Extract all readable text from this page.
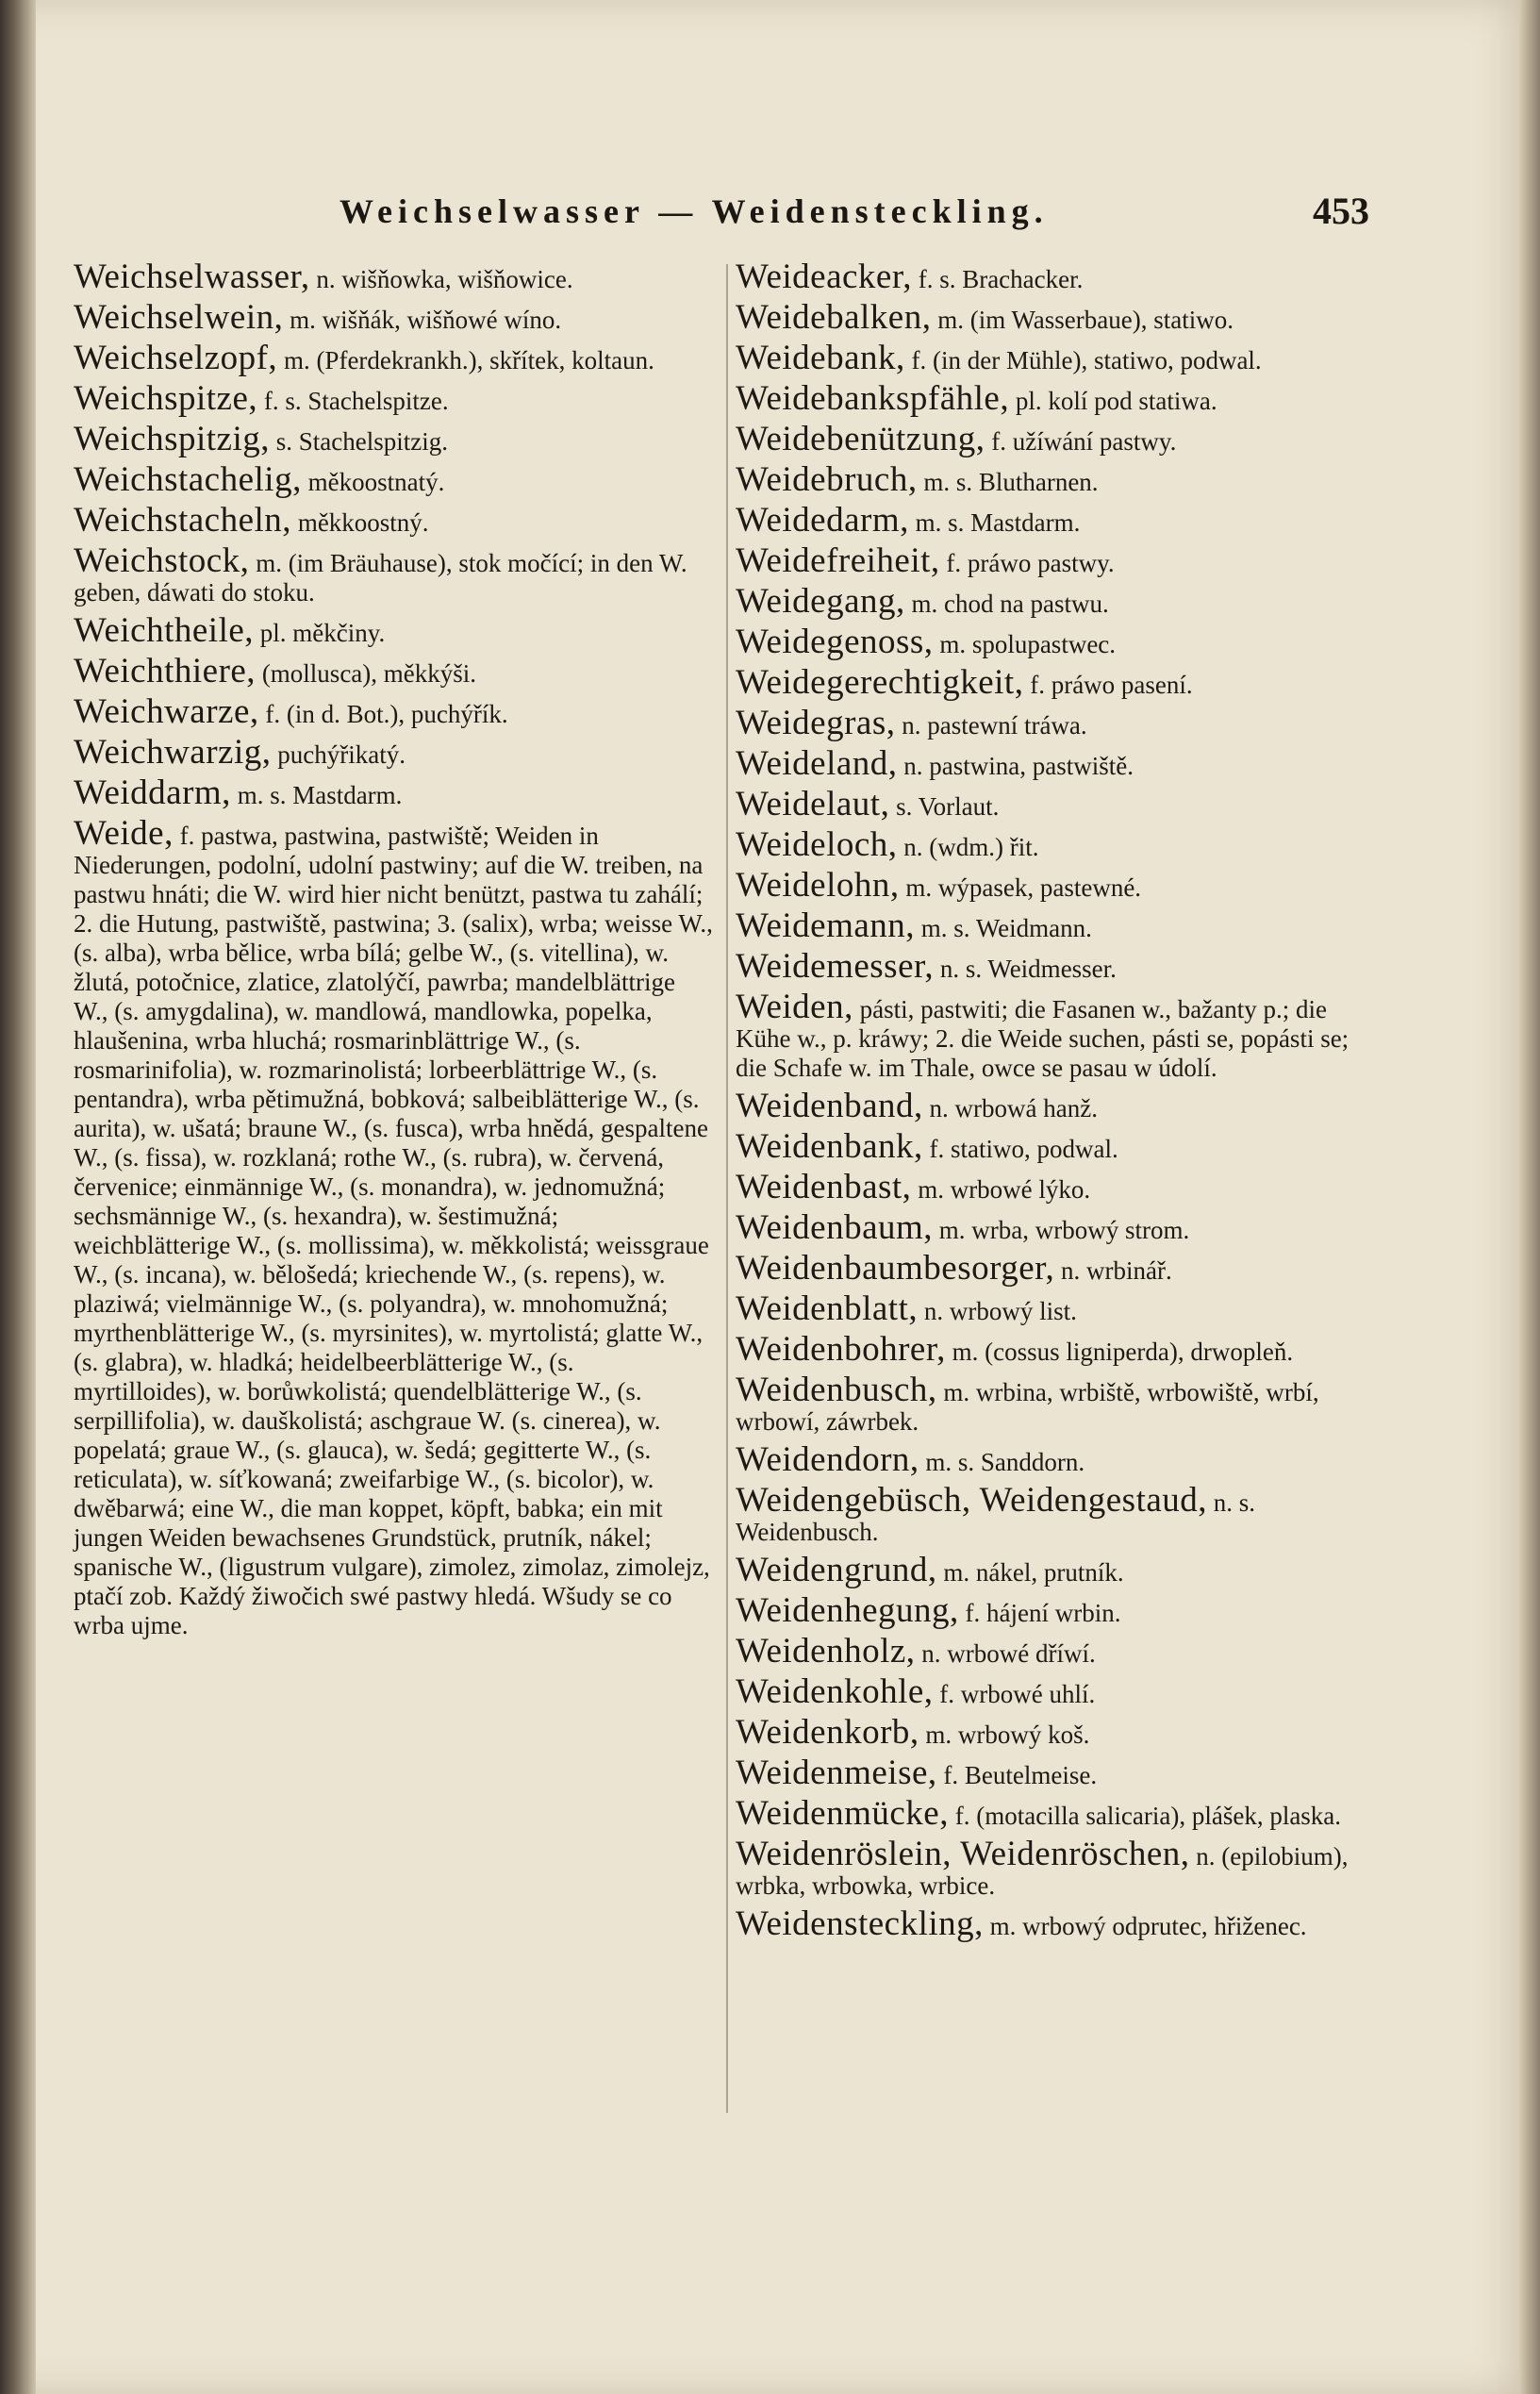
Weichselwasser — Weidensteckling.	453
Weichselwasser, n. wišňowka, wišňowice.
Weichselwein, m. wišňák, wišňowé wíno.
Weichselzopf, m. (Pferdekrankh.), skřítek, koltaun.
Weichspitze, f. s. Stachelspitze.
Weichspitzig, s. Stachelspitzig.
Weichstachelig, měkoostnatý.
Weichstacheln, měkkoostný.
Weichstock, m. (im Bräuhause), stok močící; in den W. geben, dáwati do stoku.
Weichtheile, pl. měkčiny.
Weichthiere, (mollusca), měkkýši.
Weichwarze, f. (in d. Bot.), puchýřík.
Weichwarzig, puchýřikatý.
Weiddarm, m. s. Mastdarm.
Weide, f. pastwa, pastwina, pastwiště; Weiden in Niederungen, podolní, udolní pastwiny; auf die W. treiben, na pastwu hnáti; die W. wird hier nicht benützt, pastwa tu zahálí; 2. die Hutung, pastwiště, pastwina; 3. (salix), wrba; weisse W., (s. alba), wrba bělice, wrba bílá; gelbe W., (s. vitellina), w. žlutá, potočnice, zlatice, zlatolýčí, pawrba; mandelblättrige W., (s. amygdalina), w. mandlowá, mandlowka, popelka, hlaušenina, wrba hluchá; rosmarinblättrige W., (s. rosmarinifolia), w. rozmarinolistá; lorbeerblättrige W., (s. pentandra), wrba pětimužná, bobková; salbeiblätterige W., (s. aurita), w. ušatá; braune W., (s. fusca), wrba hnědá, gespaltene W., (s. fissa), w. rozklaná; rothe W., (s. rubra), w. červená, červenice; einmännige W., (s. monandra), w. jednomužná; sechsmännige W., (s. hexandra), w. šestimužná; weichblätterige W., (s. mollissima), w. měkkolistá; weissgraue W., (s. incana), w. bělošedá; kriechende W., (s. repens), w. plaziwá; vielmännige W., (s. polyandra), w. mnohomužná; myrthenblätterige W., (s. myrsinites), w. myrtolistá; glatte W., (s. glabra), w. hladká; heidelbeerblätterige W., (s. myrtilloides), w. borůwkolistá; quendelblätterige W., (s. serpillifolia), w. dauškolistá; aschgraue W. (s. cinerea), w. popelatá; graue W., (s. glauca), w. šedá; gegitterte W., (s. reticulata), w. síťkowaná; zweifarbige W., (s. bicolor), w. dwěbarwá; eine W., die man koppet, köpft, babka; ein mit jungen Weiden bewachsenes Grundstück, prutník, nákel; spanische W., (ligustrum vulgare), zimolez, zimolaz, zimolejz, ptačí zob. Každý žiwočich swé pastwy hledá. Wšudy se co wrba ujme.
Weideacker, f. s. Brachacker.
Weidebalken, m. (im Wasserbaue), statiwo.
Weidebank, f. (in der Mühle), statiwo, podwal.
Weidebankspfähle, pl. kolí pod statiwa.
Weidebenützung, f. užíwání pastwy.
Weidebruch, m. s. Blutharnen.
Weidedarm, m. s. Mastdarm.
Weidefreiheit, f. práwo pastwy.
Weidegang, m. chod na pastwu.
Weidegenoss, m. spolupastwec.
Weidegerechtigkeit, f. práwo pasení.
Weidegras, n. pastewní tráwa.
Weideland, n. pastwina, pastwiště.
Weidelaut, s. Vorlaut.
Weideloch, n. (wdm.) řit.
Weidelohn, m. wýpasek, pastewné.
Weidemann, m. s. Weidmann.
Weidemesser, n. s. Weidmesser.
Weiden, pásti, pastwiti; die Fasanen w., bažanty p.; die Kühe w., p. kráwy; 2. die Weide suchen, pásti se, popásti se; die Schafe w. im Thale, owce se pasau w údolí.
Weidenband, n. wrbowá hanž.
Weidenbank, f. statiwo, podwal.
Weidenbast, m. wrbowé lýko.
Weidenbaum, m. wrba, wrbowý strom.
Weidenbaumbesorger, n. wrbinář.
Weidenblatt, n. wrbowý list.
Weidenbohrer, m. (cossus ligniperda), drwopleň.
Weidenbusch, m. wrbina, wrbiště, wrbowiště, wrbí, wrbowí, záwrbek.
Weidendorn, m. s. Sanddorn.
Weidengebüsch, Weidengestaud, n. s. Weidenbusch.
Weidengrund, m. nákel, prutník.
Weidenhegung, f. hájení wrbin.
Weidenholz, n. wrbowé dříwí.
Weidenkohle, f. wrbowé uhlí.
Weidenkorb, m. wrbowý koš.
Weidenmeise, f. Beutelmeise.
Weidenmücke, f. (motacilla salicaria), plášek, plaska.
Weidenröslein, Weidenröschen, n. (epilobium), wrbka, wrbowka, wrbice.
Weidensteckling, m. wrbowý odprutec, hřiženec.
